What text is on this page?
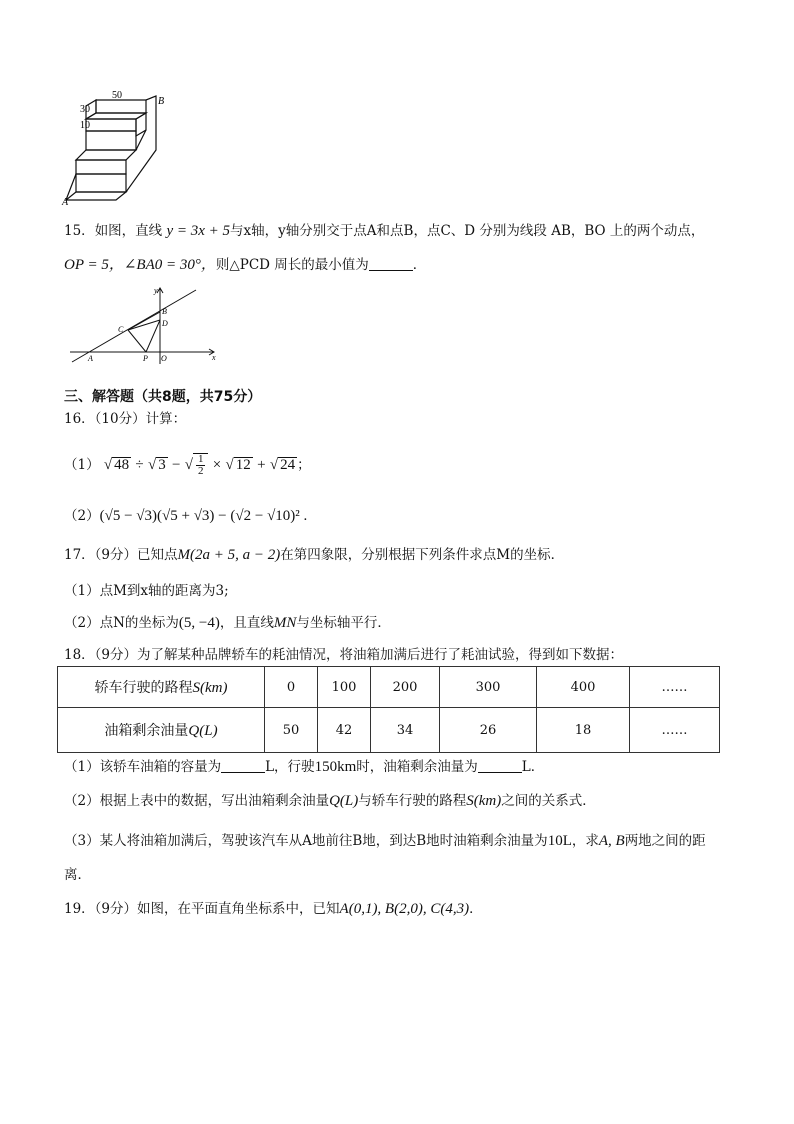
50
B
30
10
A
15．如图，直线 y = 3x + 5与x轴，y轴分别交于点A和点B，点C、D 分别为线段 AB，BO 上的两个动点，
OP = 5，∠BA0 = 30°，则△PCD 周长的最小值为	．
y
B
D
C
A	P O	x
三、解答题（共8题，共75分）
16．（10分）计算：
（1） √ 48 ÷ √ 3 − √ $\frac{1}{2}$ × √ 12 + √ 24 ；
（2）(√5 − √3)(√5 + √3) − (√2 − √10)² .
17．（9分）已知点M(2a + 5, a − 2)在第四象限，分别根据下列条件求点M的坐标．
（1）点M到x轴的距离为3;
（2）点N的坐标为(5, −4)，且直线MN与坐标轴平行．
18．（9分）为了解某种品牌轿车的耗油情况，将油箱加满后进行了耗油试验，得到如下数据：
轿车行驶的路程S(km)	0	100	200	300	400	……
油箱剩余油量Q(L)	50	42	34	26	18	……
（1）该轿车油箱的容量为	L，行驶150km时，油箱剩余油量为	L．
（2）根据上表中的数据，写出油箱剩余油量Q(L)与轿车行驶的路程S(km)之间的关系式．
（3）某人将油箱加满后，驾驶该汽车从A地前往B地，到达B地时油箱剩余油量为10L，求A, B两地之间的距
离．
19．（9分）如图，在平面直角坐标系中，已知A(0,1), B(2,0), C(4,3)．
